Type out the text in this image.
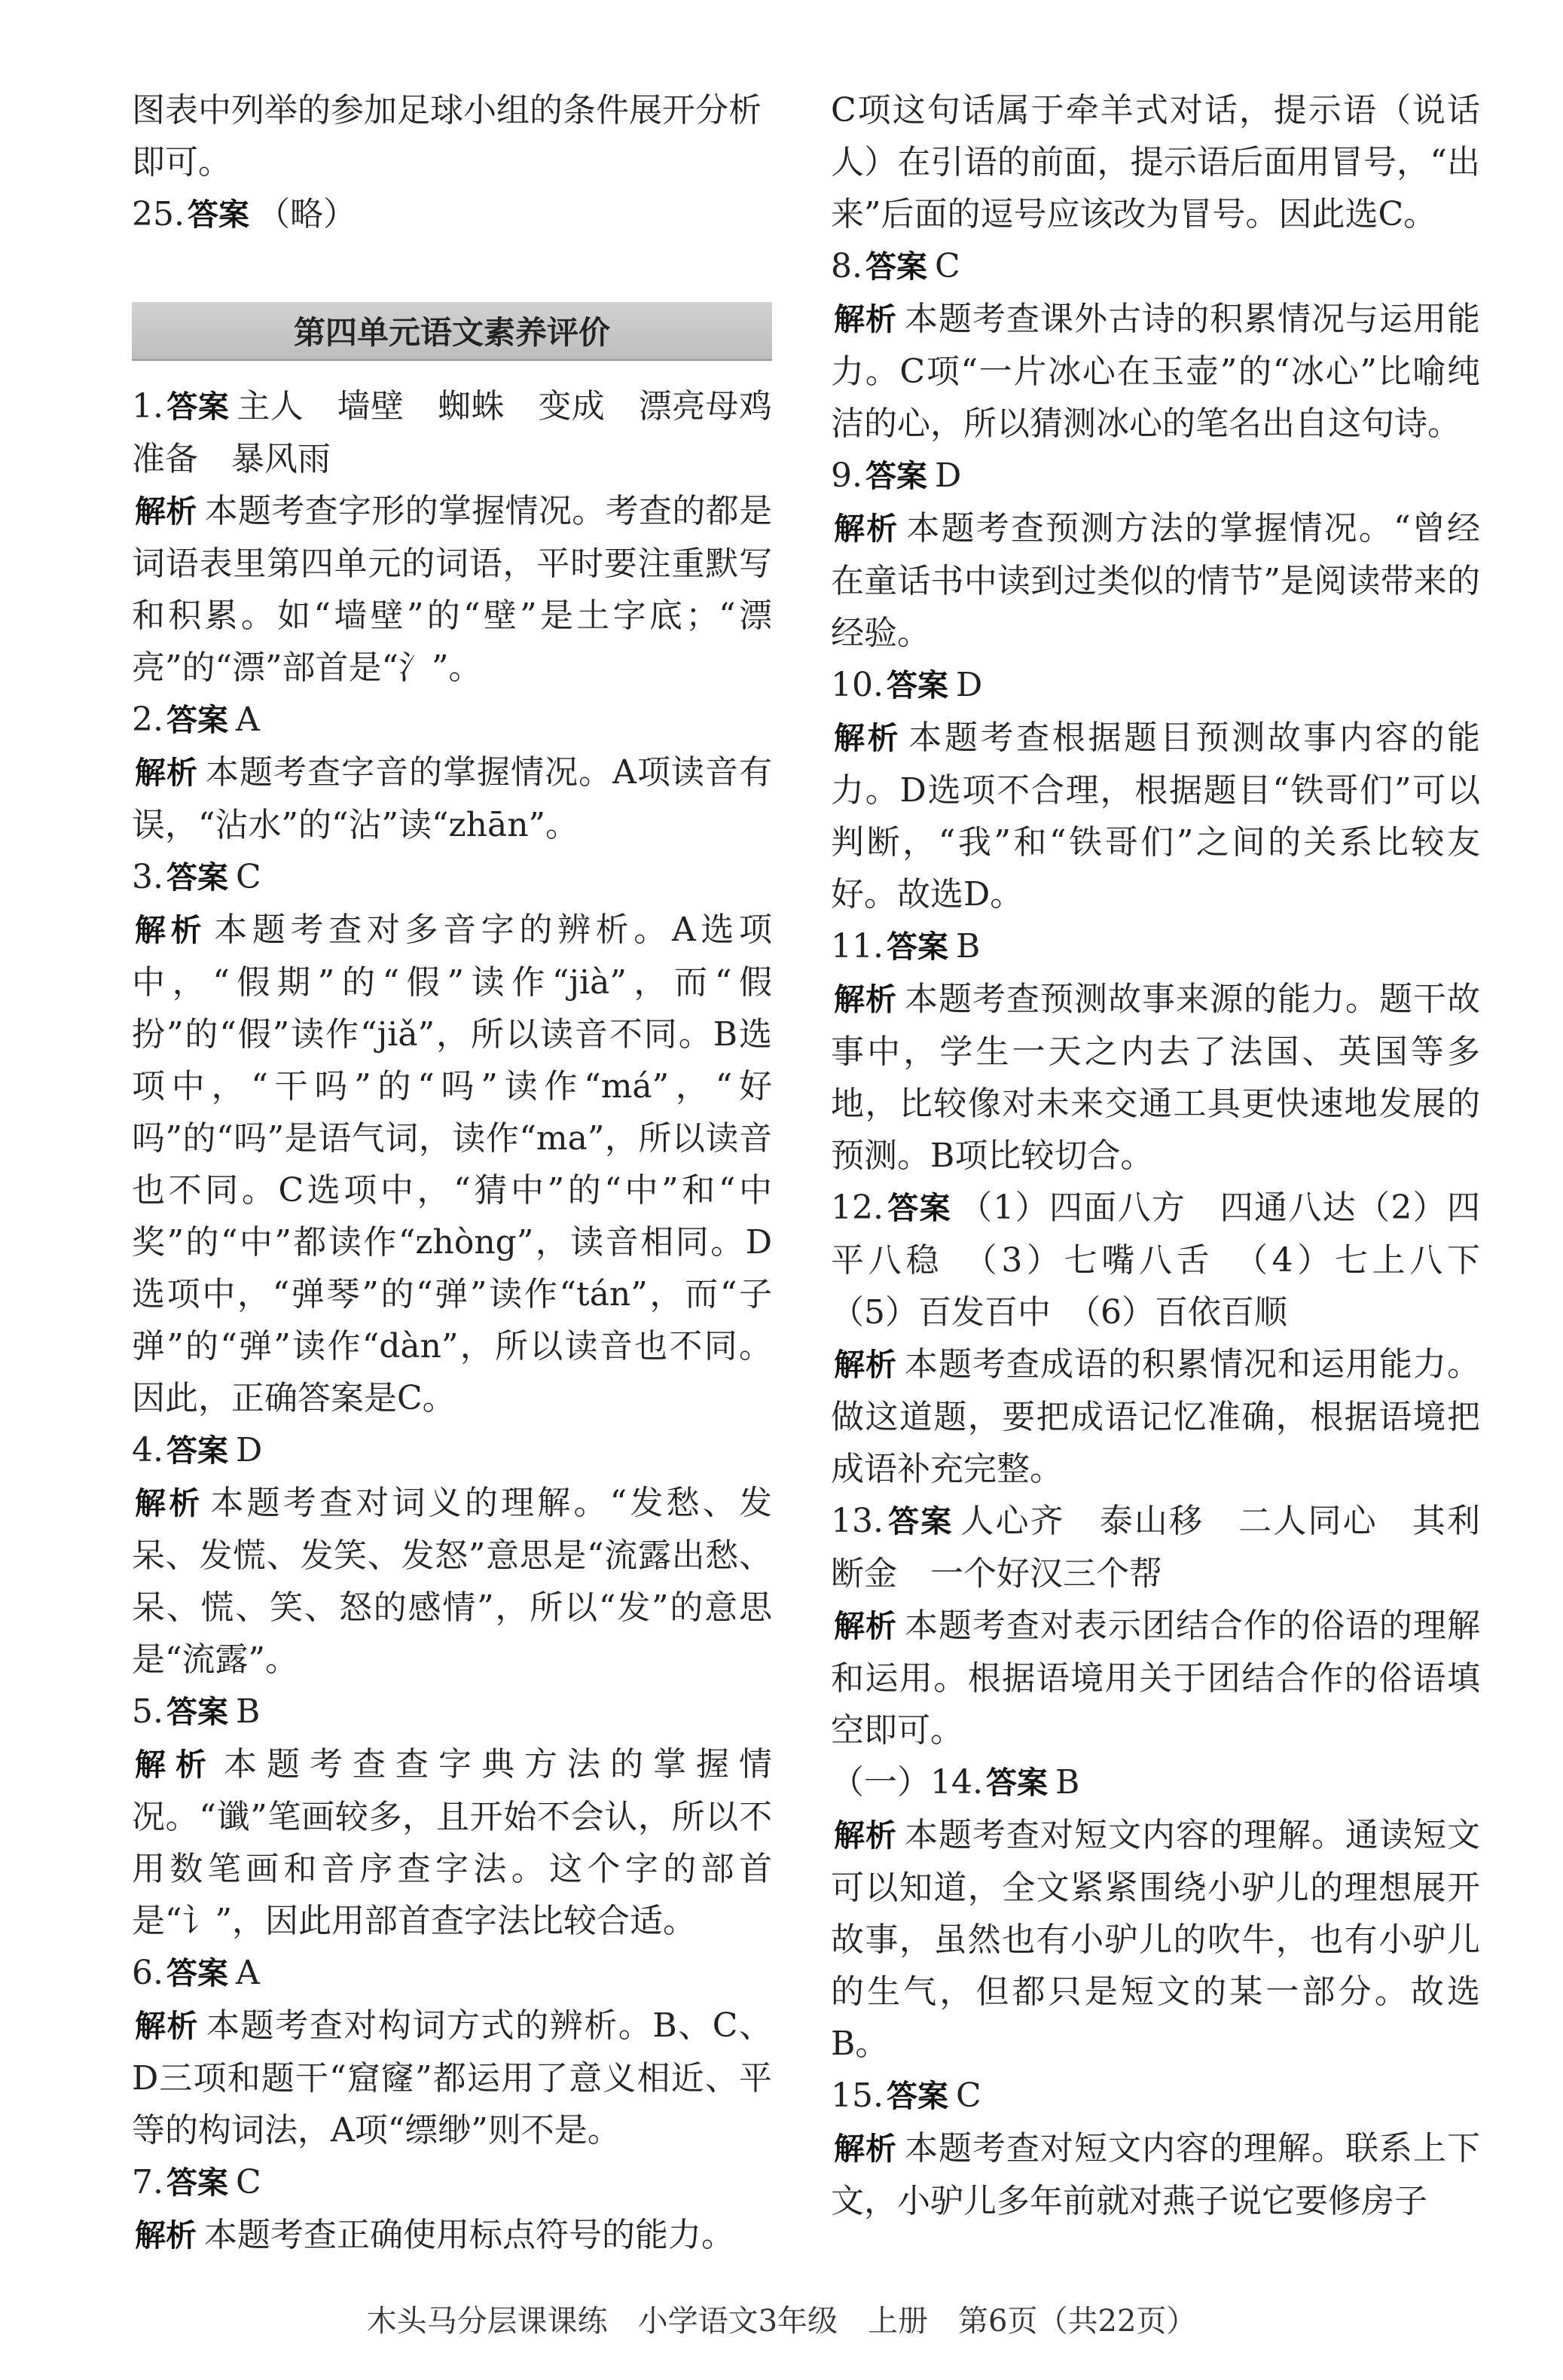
图表中列举的参加足球小组的条件展开分析
即可。

25.答案 （略）

第四单元语文素养评价

1.答案 主人　墙壁　蜘蛛　变成　漂亮母鸡　准备　暴风雨

解析 本题考查字形的掌握情况。考查的都是词语表里第四单元的词语，平时要注重默写和积累。如“墙壁”的“壁”是土字底；“漂亮”的“漂”部首是“氵”。

2.答案 A

解析 本题考查字音的掌握情况。A项读音有误，“沾水”的“沾”读“zhān”。

3.答案 C

解析 本题考查对多音字的辨析。A选项中，“假期”的“假”读作“jià”，而“假扮”的“假”读作“jiǎ”，所以读音不同。B选项中，“干吗”的“吗”读作“má”，“好吗”的“吗”是语气词，读作“ma”，所以读音也不同。C选项中，“猜中”的“中”和“中奖”的“中”都读作“zhòng”，读音相同。D选项中，“弹琴”的“弹”读作“tán”，而“子弹”的“弹”读作“dàn”，所以读音也不同。因此，正确答案是C。

4.答案 D

解析 本题考查对词义的理解。“发愁、发呆、发慌、发笑、发怒”意思是“流露出愁、呆、慌、笑、怒的感情”，所以“发”的意思是“流露”。

5.答案 B

解析 本题考查查字典方法的掌握情况。“谶”笔画较多，且开始不会认，所以不用数笔画和音序查字法。这个字的部首是“讠”，因此用部首查字法比较合适。

6.答案 A

解析 本题考查对构词方式的辨析。B、C、D三项和题干“窟窿”都运用了意义相近、平等的构词法，A项“缥缈”则不是。

7.答案 C

解析 本题考查正确使用标点符号的能力。

C项这句话属于牵羊式对话，提示语（说话人）在引语的前面，提示语后面用冒号，“出来”后面的逗号应该改为冒号。因此选C。

8.答案 C

解析 本题考查课外古诗的积累情况与运用能力。C项“一片冰心在玉壶”的“冰心”比喻纯洁的心，所以猜测冰心的笔名出自这句诗。

9.答案 D

解析 本题考查预测方法的掌握情况。“曾经在童话书中读到过类似的情节”是阅读带来的经验。

10.答案 D

解析 本题考查根据题目预测故事内容的能力。D选项不合理，根据题目“铁哥们”可以判断，“我”和“铁哥们”之间的关系比较友好。故选D。

11.答案 B

解析 本题考查预测故事来源的能力。题干故事中，学生一天之内去了法国、英国等多地，比较像对未来交通工具更快速地发展的预测。B项比较切合。

12.答案 （1）四面八方　四通八达（2）四平八稳　（3）七嘴八舌　（4）七上八下　（5）百发百中　（6）百依百顺

解析 本题考查成语的积累情况和运用能力。做这道题，要把成语记忆准确，根据语境把成语补充完整。

13.答案 人心齐　泰山移　二人同心　其利断金　一个好汉三个帮

解析 本题考查对表示团结合作的俗语的理解和运用。根据语境用关于团结合作的俗语填空即可。

（一）14.答案 B

解析 本题考查对短文内容的理解。通读短文可以知道，全文紧紧围绕小驴儿的理想展开故事，虽然也有小驴儿的吹牛，也有小驴儿的生气，但都只是短文的某一部分。故选B。

15.答案 C

解析 本题考查对短文内容的理解。联系上下文，小驴儿多年前就对燕子说它要修房子

木头马分层课课练　小学语文3年级　上册　第6页（共22页）
